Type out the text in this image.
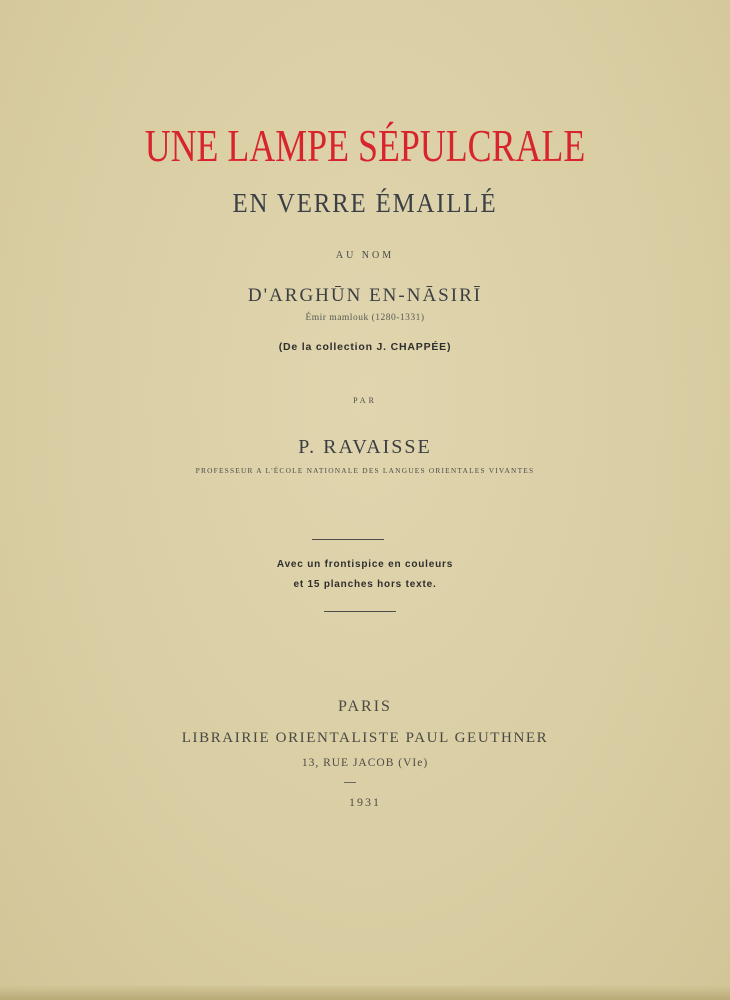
UNE LAMPE SÉPULCRALE
EN VERRE ÉMAILLÉ
AU NOM
D'ARGHŪN EN-NĀSIRĪ
Émir mamlouk (1280-1331)
(De la collection J. CHAPPÉE)
PAR
P. RAVAISSE
PROFESSEUR A L'ÉCOLE NATIONALE DES LANGUES ORIENTALES VIVANTES
Avec un frontispice en couleurs
et 15 planches hors texte.
PARIS
LIBRAIRIE ORIENTALISTE PAUL GEUTHNER
13, RUE JACOB (VIe)
1931
